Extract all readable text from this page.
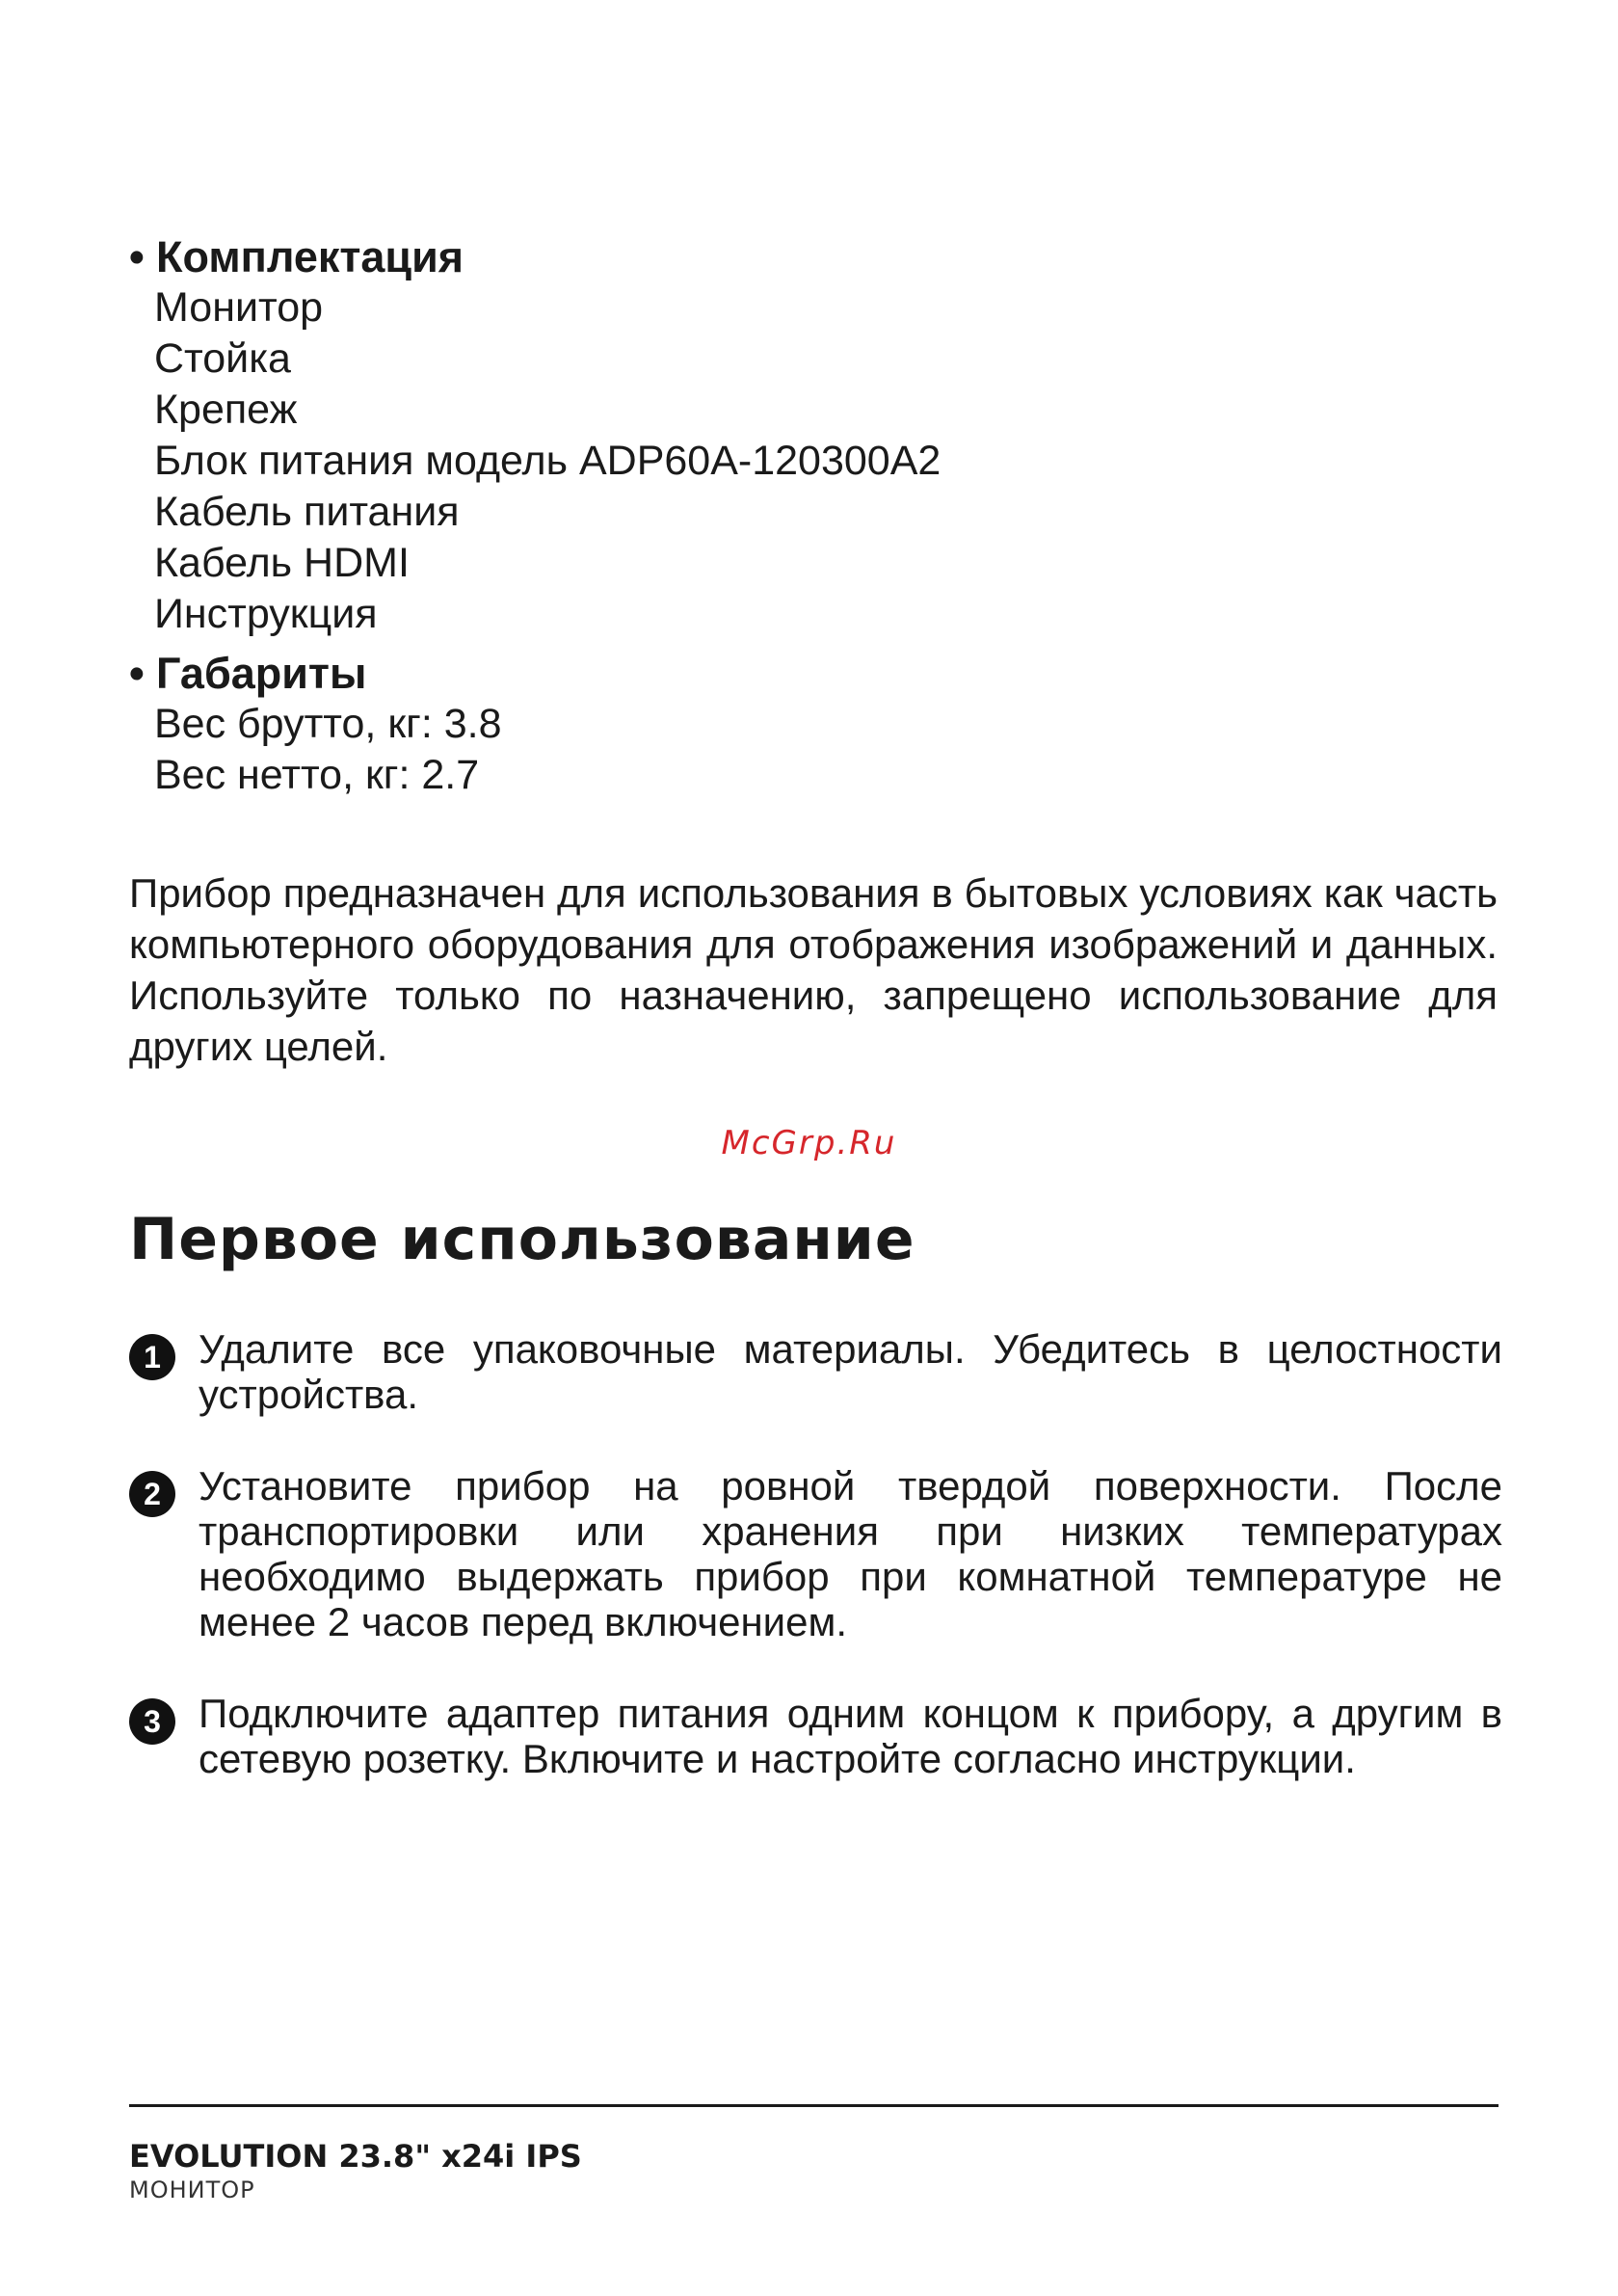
• Комплектация
Монитор
Стойка
Крепеж
Блок питания модель ADP60A-120300A2
Кабель питания
Кабель HDMI
Инструкция
• Габариты
Вес брутто, кг: 3.8
Вес нетто, кг: 2.7

Прибор предназначен для использования в бытовых условиях как часть компьютерного оборудования для отображения изображений и данных. Используйте только по назначению, запрещено использование для других целей.

McGrp.Ru
Первое использование
1 Удалите все упаковочные материалы. Убедитесь в целостности устройства.

2 Установите прибор на ровной твердой поверхности. После транспортировки или хранения при низких температурах необходимо выдержать прибор при комнатной температуре не менее 2 часов перед включением.

3 Подключите адаптер питания одним концом к прибору, а другим в сетевую розетку. Включите и настройте согласно инструкции.

EVOLUTION 23.8" x24i IPS
МОНИТОР
